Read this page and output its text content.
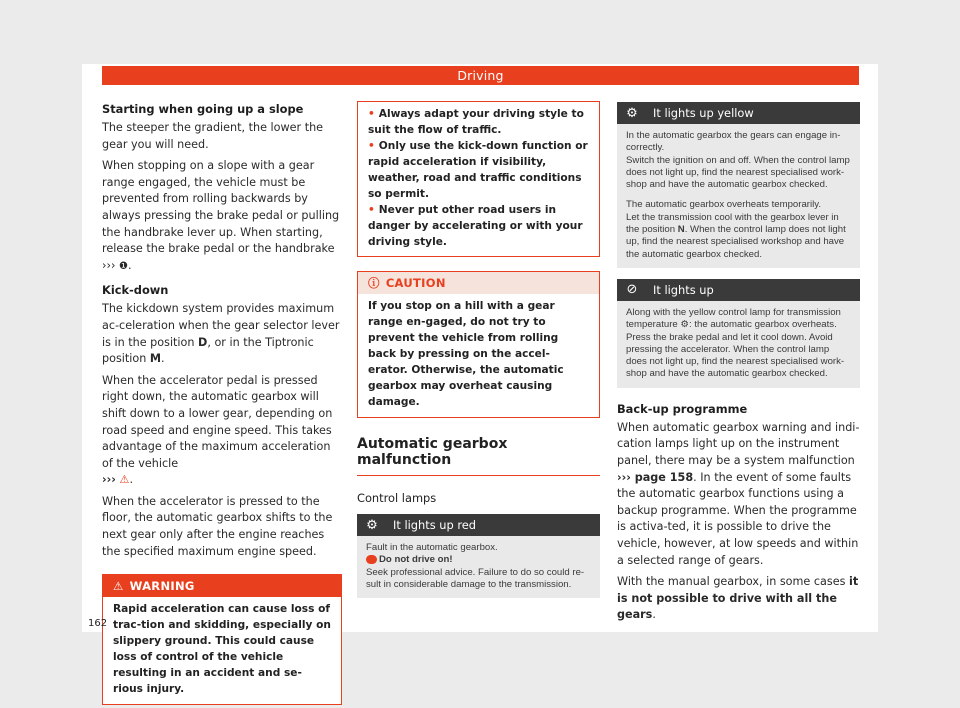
Driving
Starting when going up a slope

The steeper the gradient, the lower the gear you will need.

When stopping on a slope with a gear range engaged, the vehicle must be prevented from rolling backwards by always pressing the brake pedal or pulling the handbrake lever up. When starting, release the brake pedal or the handbrake ››› ❶.

Kick-down

The kickdown system provides maximum ac-celeration when the gear selector lever is in the position D, or in the Tiptronic position M.

When the accelerator pedal is pressed right down, the automatic gearbox will shift down to a lower gear, depending on road speed and engine speed. This takes advantage of the maximum acceleration of the vehicle
››› ⚠.

When the accelerator is pressed to the floor, the automatic gearbox shifts to the next gear only after the engine reaches the specified maximum engine speed.

⚠ WARNING
Rapid acceleration can cause loss of trac-tion and skidding, especially on slippery ground. This could cause loss of control of the vehicle resulting in an accident and se-rious injury.
• Always adapt your driving style to suit the flow of traffic.
• Only use the kick-down function or rapid acceleration if visibility, weather, road and traffic conditions so permit.
• Never put other road users in danger by accelerating or with your driving style.
ⓘ CAUTION
If you stop on a hill with a gear range en-gaged, do not try to prevent the vehicle from rolling back by pressing on the accel-erator. Otherwise, the automatic gearbox may overheat causing damage.
Automatic gearbox malfunction
Control lamps
⚙	It lights up red
Fault in the automatic gearbox.
Do not drive on!
Seek professional advice. Failure to do so could re-sult in considerable damage to the transmission.
⚙	It lights up yellow
In the automatic gearbox the gears can engage in-correctly.
Switch the ignition on and off. When the control lamp does not light up, find the nearest specialised work-shop and have the automatic gearbox checked.
The automatic gearbox overheats temporarily.
Let the transmission cool with the gearbox lever in the position N. When the control lamp does not light up, find the nearest specialised workshop and have the automatic gearbox checked.
⊘	It lights up
Along with the yellow control lamp for transmission temperature ⚙: the automatic gearbox overheats. Press the brake pedal and let it cool down. Avoid pressing the accelerator. When the control lamp does not light up, find the nearest specialised work-shop and have the automatic gearbox checked.
Back-up programme

When automatic gearbox warning and indi-cation lamps light up on the instrument panel, there may be a system malfunction
››› page 158. In the event of some faults the automatic gearbox functions using a backup programme. When the programme is activa-ted, it is possible to drive the vehicle, however, at low speeds and within a selected range of gears.

With the manual gearbox, in some cases it is not possible to drive with all the gears.

162
